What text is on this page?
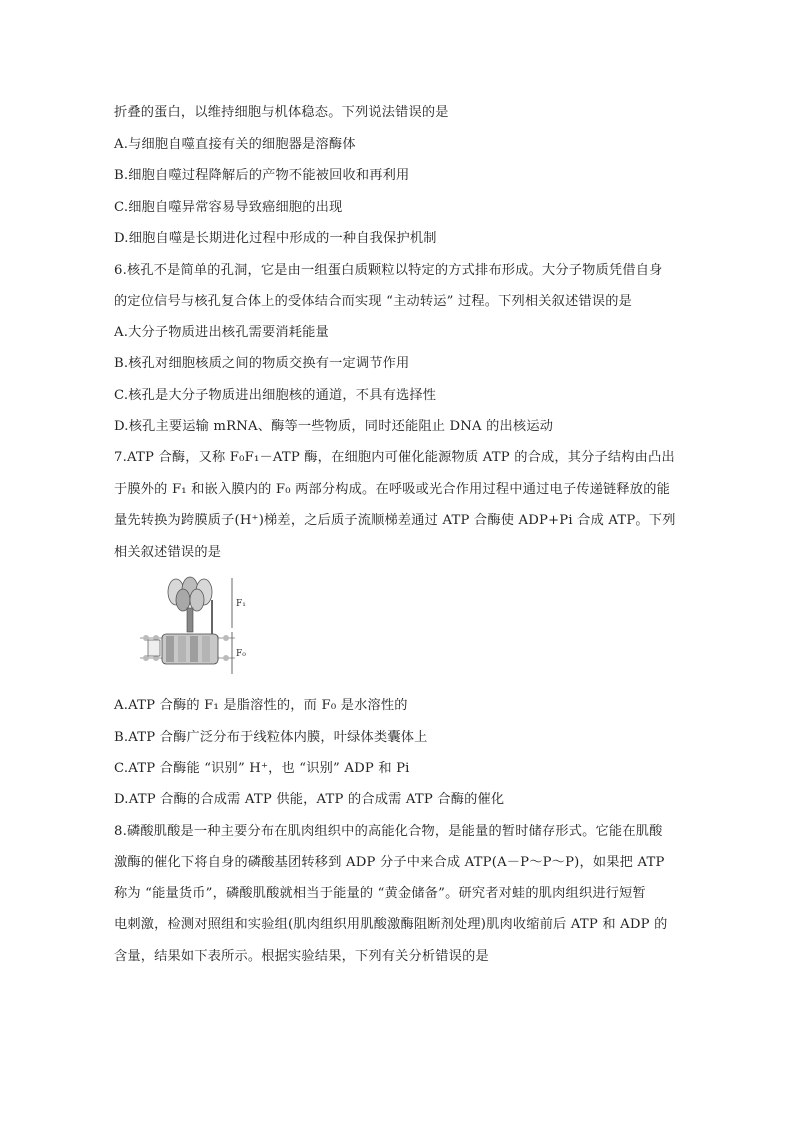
折叠的蛋白，以维持细胞与机体稳态。下列说法错误的是
A.与细胞自噬直接有关的细胞器是溶酶体
B.细胞自噬过程降解后的产物不能被回收和再利用
C.细胞自噬异常容易导致癌细胞的出现
D.细胞自噬是长期进化过程中形成的一种自我保护机制
6.核孔不是简单的孔洞，它是由一组蛋白质颗粒以特定的方式排布形成。大分子物质凭借自身
的定位信号与核孔复合体上的受体结合而实现 “主动转运” 过程。下列相关叙述错误的是
A.大分子物质进出核孔需要消耗能量
B.核孔对细胞核质之间的物质交换有一定调节作用
C.核孔是大分子物质进出细胞核的通道，不具有选择性
D.核孔主要运输 mRNA、酶等一些物质，同时还能阻止 DNA 的出核运动
7.ATP 合酶，又称 F₀F₁－ATP 酶，在细胞内可催化能源物质 ATP 的合成，其分子结构由凸出
于膜外的 F₁ 和嵌入膜内的 F₀ 两部分构成。在呼吸或光合作用过程中通过电子传递链释放的能
量先转换为跨膜质子(H⁺)梯差，之后质子流顺梯差通过 ATP 合酶使 ADP+Pi 合成 ATP。下列
相关叙述错误的是
F₁
F₀
A.ATP 合酶的 F₁ 是脂溶性的，而 F₀ 是水溶性的
B.ATP 合酶广泛分布于线粒体内膜，叶绿体类囊体上
C.ATP 合酶能 “识别” H⁺，也 “识别” ADP 和 Pi
D.ATP 合酶的合成需 ATP 供能，ATP 的合成需 ATP 合酶的催化
8.磷酸肌酸是一种主要分布在肌肉组织中的高能化合物，是能量的暂时储存形式。它能在肌酸
激酶的催化下将自身的磷酸基团转移到 ADP 分子中来合成 ATP(A－P～P～P)，如果把 ATP
称为 “能量货币”，磷酸肌酸就相当于能量的 “黄金储备”。研究者对蛙的肌肉组织进行短暂
电刺激，检测对照组和实验组(肌肉组织用肌酸激酶阻断剂处理)肌肉收缩前后 ATP 和 ADP 的
含量，结果如下表所示。根据实验结果，下列有关分析错误的是
